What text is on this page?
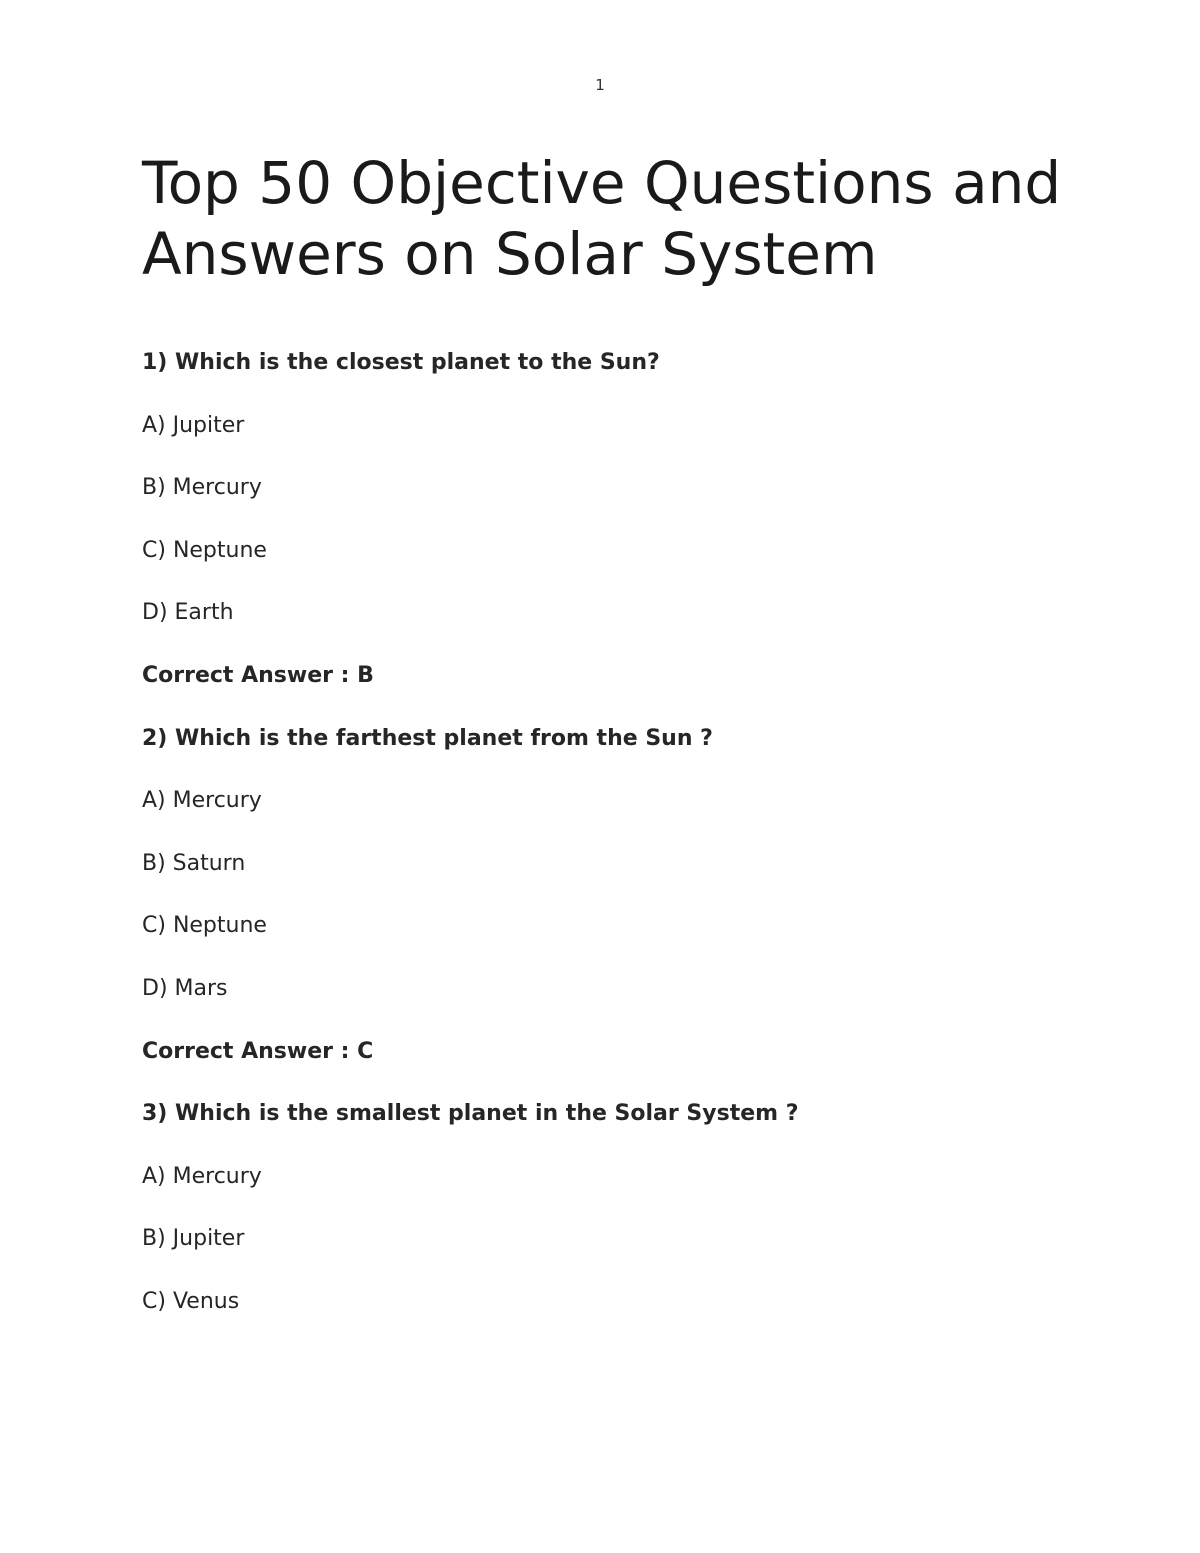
1
Top 50 Objective Questions and Answers on Solar System

1) Which is the closest planet to the Sun?

A) Jupiter

B) Mercury

C) Neptune

D) Earth

Correct Answer : B

2) Which is the farthest planet from the Sun ?

A) Mercury

B) Saturn

C) Neptune

D) Mars

Correct Answer : C

3) Which is the smallest planet in the Solar System ?

A) Mercury

B) Jupiter

C) Venus
